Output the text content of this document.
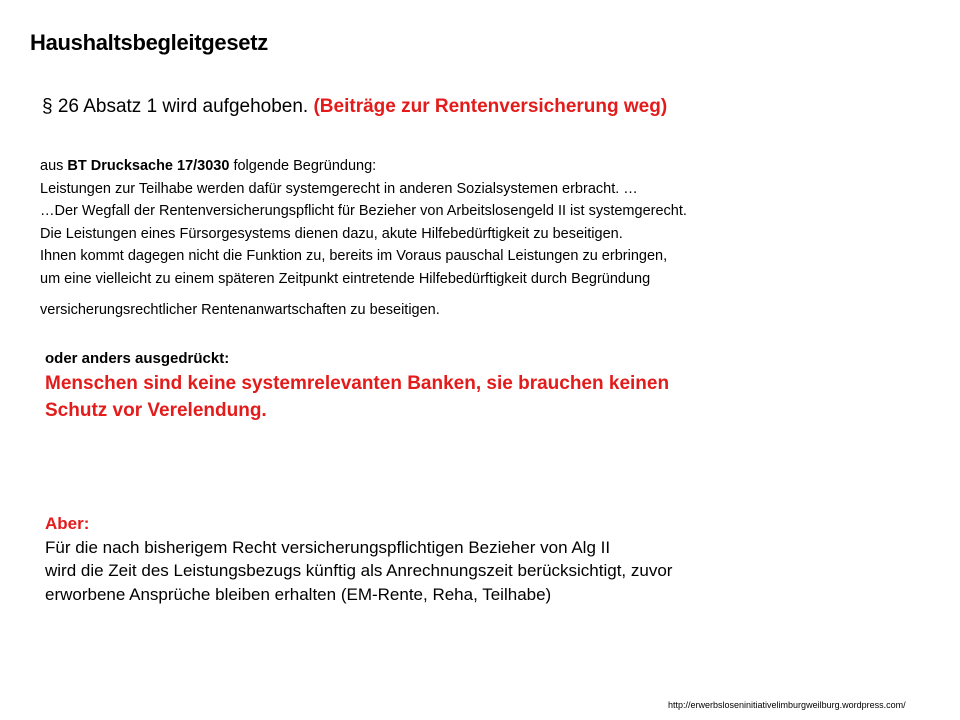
Haushaltsbegleitgesetz

§ 26 Absatz 1 wird aufgehoben. (Beiträge zur Rentenversicherung weg)

aus BT Drucksache 17/3030 folgende Begründung:
Leistungen zur Teilhabe werden dafür systemgerecht in anderen Sozialsystemen erbracht. …
…Der Wegfall der Rentenversicherungspflicht für Bezieher von Arbeitslosengeld II ist systemgerecht.
Die Leistungen eines Fürsorgesystems dienen dazu, akute Hilfebedürftigkeit zu beseitigen.
Ihnen kommt dagegen nicht die Funktion zu, bereits im Voraus pauschal Leistungen zu erbringen,
um eine vielleicht zu einem späteren Zeitpunkt eintretende Hilfebedürftigkeit durch Begründung
versicherungsrechtlicher Rentenanwartschaften zu beseitigen.
oder anders ausgedrückt:
Menschen sind keine systemrelevanten Banken, sie brauchen keinen
Schutz vor Verelendung.
Aber:
Für die nach bisherigem Recht versicherungspflichtigen Bezieher von Alg II
wird die Zeit des Leistungsbezugs künftig als Anrechnungszeit berücksichtigt, zuvor
erworbene Ansprüche bleiben erhalten (EM-Rente, Reha, Teilhabe)
http://erwerbsloseninitiativelimburgweilburg.wordpress.com/
